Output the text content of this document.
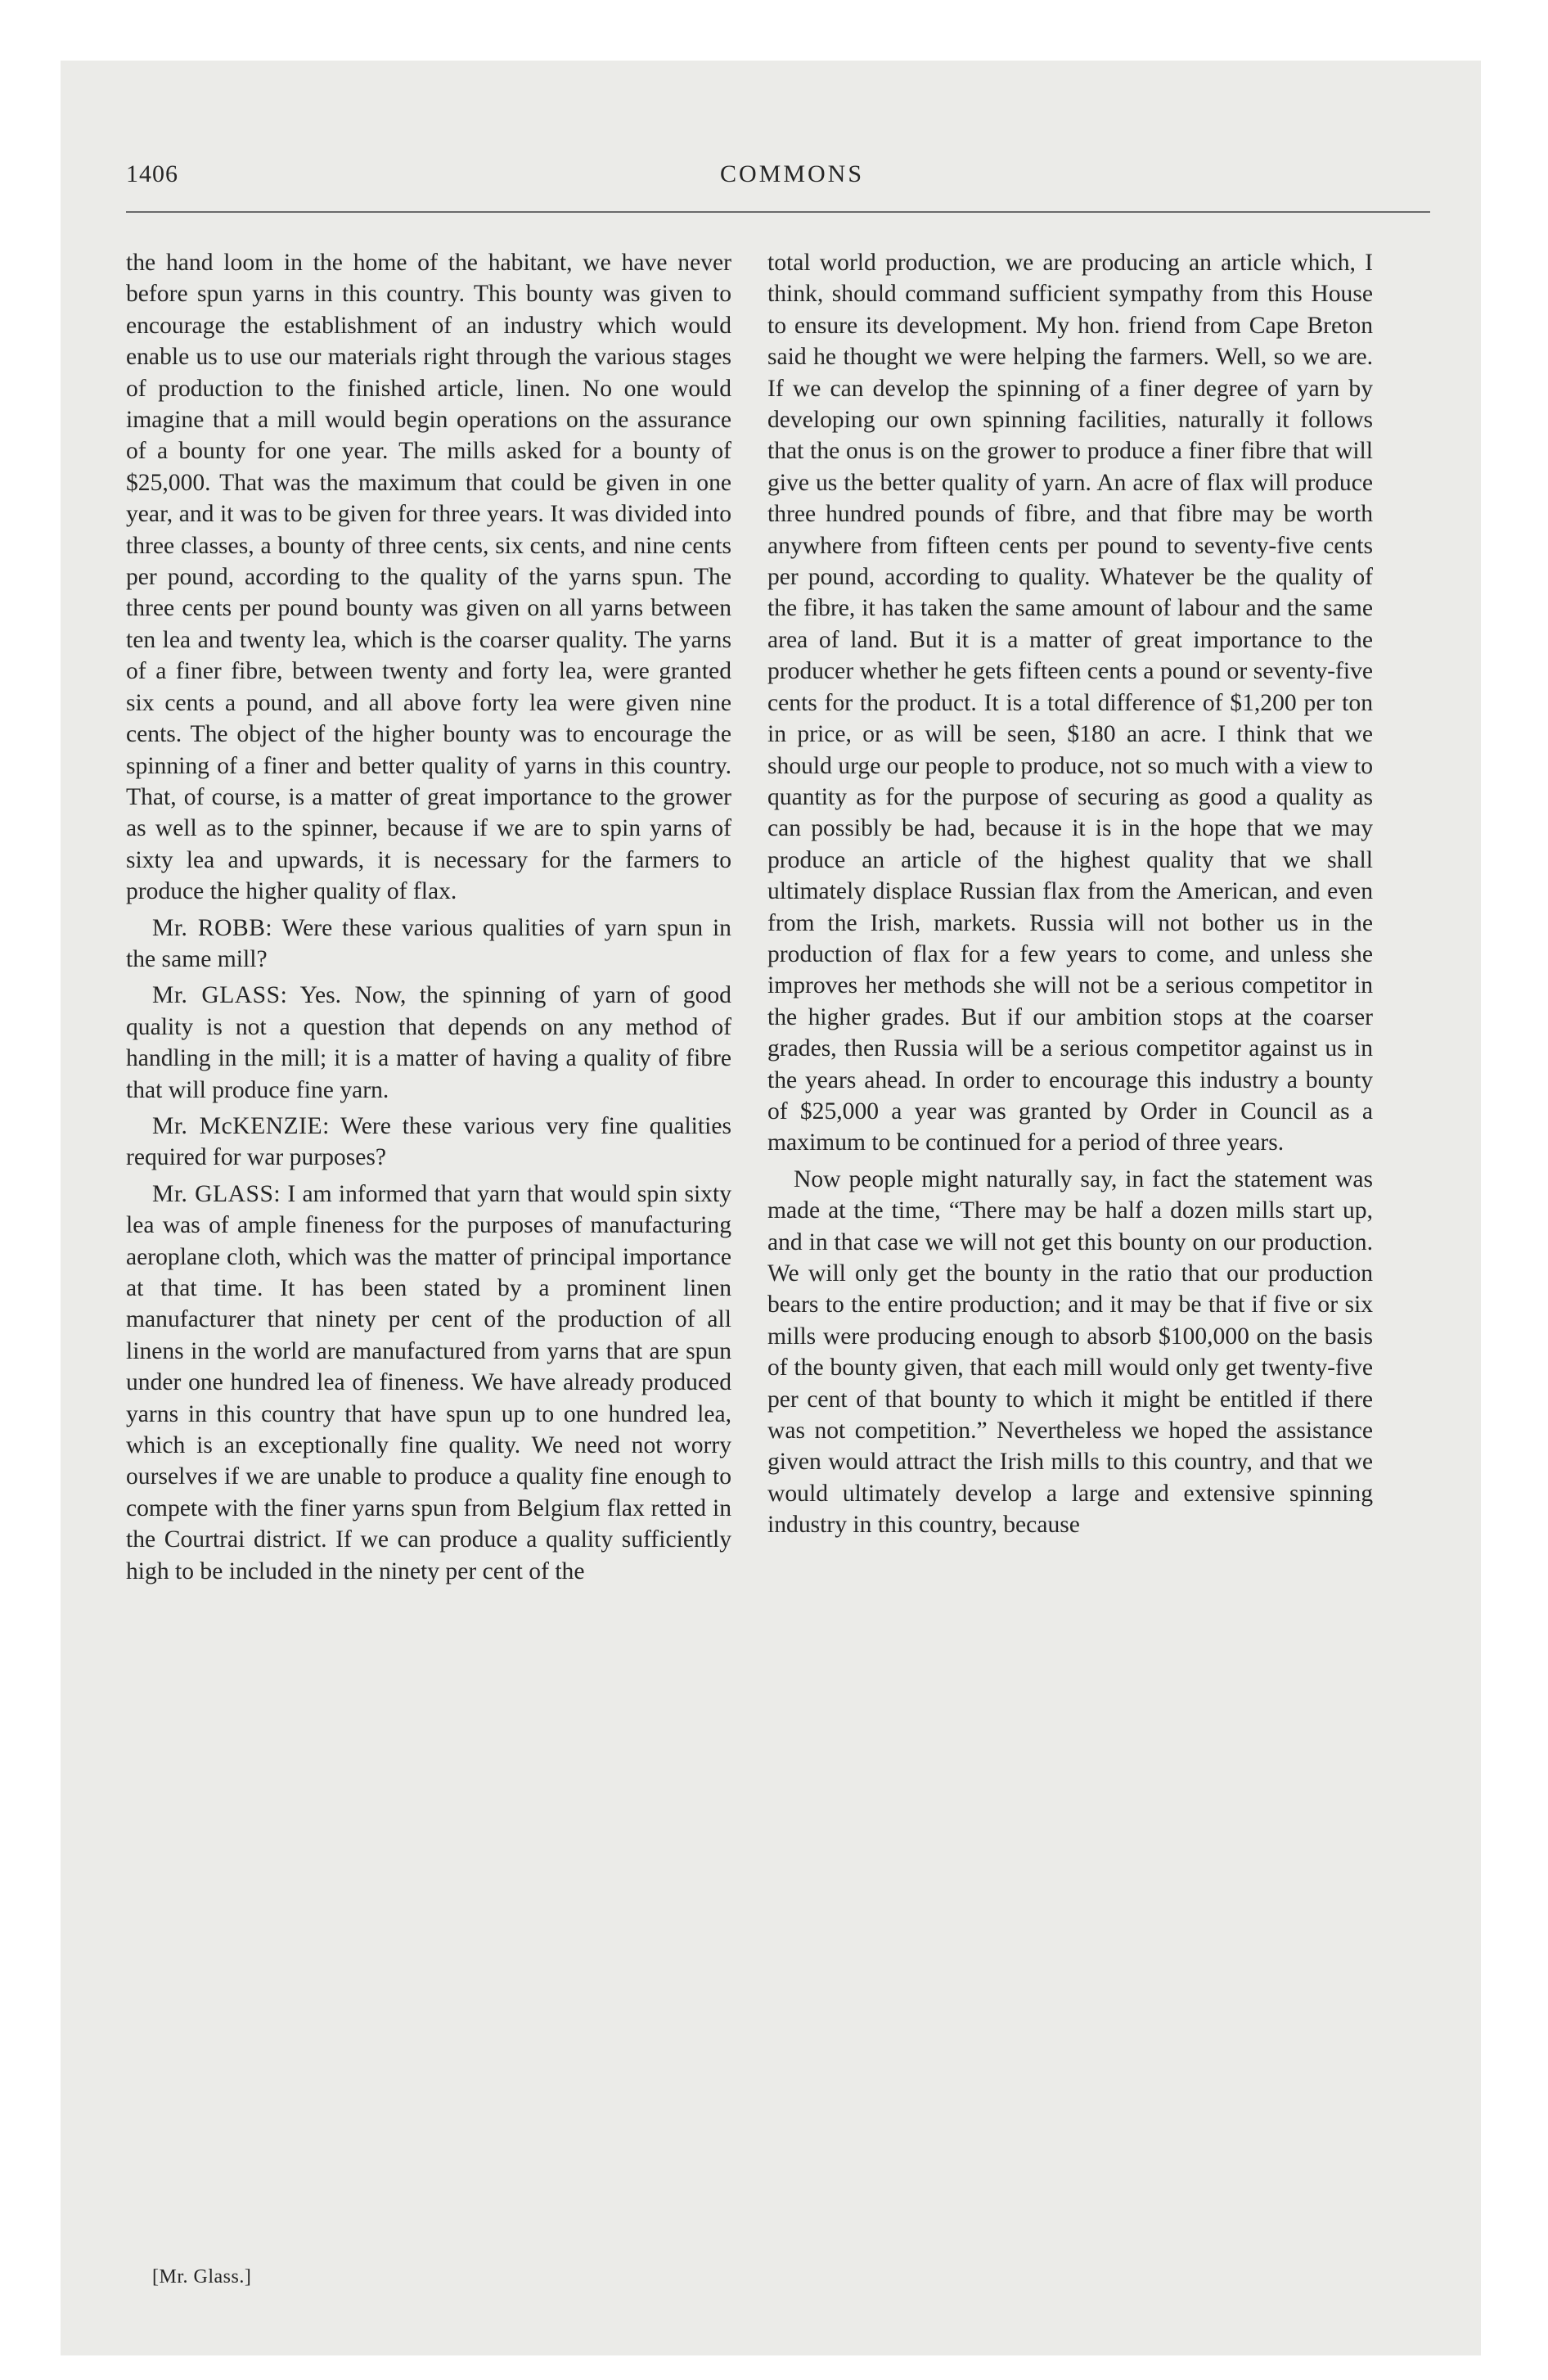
1406	COMMONS

the hand loom in the home of the habitant, we have never before spun yarns in this country. This bounty was given to encourage the establishment of an industry which would enable us to use our materials right through the various stages of production to the finished article, linen. No one would imagine that a mill would begin operations on the assurance of a bounty for one year. The mills asked for a bounty of $25,000. That was the maximum that could be given in one year, and it was to be given for three years. It was divided into three classes, a bounty of three cents, six cents, and nine cents per pound, according to the quality of the yarns spun. The three cents per pound bounty was given on all yarns between ten lea and twenty lea, which is the coarser quality. The yarns of a finer fibre, between twenty and forty lea, were granted six cents a pound, and all above forty lea were given nine cents. The object of the higher bounty was to encourage the spinning of a finer and better quality of yarns in this country. That, of course, is a matter of great importance to the grower as well as to the spinner, because if we are to spin yarns of sixty lea and upwards, it is necessary for the farmers to produce the higher quality of flax.

Mr. ROBB: Were these various qualities of yarn spun in the same mill?

Mr. GLASS: Yes. Now, the spinning of yarn of good quality is not a question that depends on any method of handling in the mill; it is a matter of having a quality of fibre that will produce fine yarn.

Mr. McKENZIE: Were these various very fine qualities required for war purposes?

Mr. GLASS: I am informed that yarn that would spin sixty lea was of ample fineness for the purposes of manufacturing aeroplane cloth, which was the matter of principal importance at that time. It has been stated by a prominent linen manufacturer that ninety per cent of the production of all linens in the world are manufactured from yarns that are spun under one hundred lea of fineness. We have already produced yarns in this country that have spun up to one hundred lea, which is an exceptionally fine quality. We need not worry ourselves if we are unable to produce a quality fine enough to compete with the finer yarns spun from Belgium flax retted in the Courtrai district. If we can produce a quality sufficiently high to be included in the ninety per cent of the

total world production, we are producing an article which, I think, should command sufficient sympathy from this House to ensure its development. My hon. friend from Cape Breton said he thought we were helping the farmers. Well, so we are. If we can develop the spinning of a finer degree of yarn by developing our own spinning facilities, naturally it follows that the onus is on the grower to produce a finer fibre that will give us the better quality of yarn. An acre of flax will produce three hundred pounds of fibre, and that fibre may be worth anywhere from fifteen cents per pound to seventy-five cents per pound, according to quality. Whatever be the quality of the fibre, it has taken the same amount of labour and the same area of land. But it is a matter of great importance to the producer whether he gets fifteen cents a pound or seventy-five cents for the product. It is a total difference of $1,200 per ton in price, or as will be seen, $180 an acre. I think that we should urge our people to produce, not so much with a view to quantity as for the purpose of securing as good a quality as can possibly be had, because it is in the hope that we may produce an article of the highest quality that we shall ultimately displace Russian flax from the American, and even from the Irish, markets. Russia will not bother us in the production of flax for a few years to come, and unless she improves her methods she will not be a serious competitor in the higher grades. But if our ambition stops at the coarser grades, then Russia will be a serious competitor against us in the years ahead. In order to encourage this industry a bounty of $25,000 a year was granted by Order in Council as a maximum to be continued for a period of three years.

Now people might naturally say, in fact the statement was made at the time, “There may be half a dozen mills start up, and in that case we will not get this bounty on our production. We will only get the bounty in the ratio that our production bears to the entire production; and it may be that if five or six mills were producing enough to absorb $100,000 on the basis of the bounty given, that each mill would only get twenty-five per cent of that bounty to which it might be entitled if there was not competition.” Nevertheless we hoped the assistance given would attract the Irish mills to this country, and that we would ultimately develop a large and extensive spinning industry in this country, because

[Mr. Glass.]
